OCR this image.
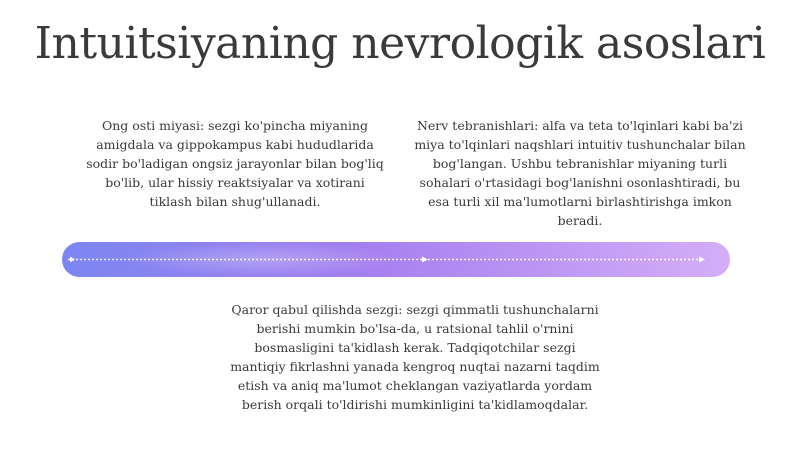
Intuitsiyaning nevrologik asoslari
Ong osti miyasi: sezgi ko'pincha miyaning amigdala va gippokampus kabi hududlarida sodir bo'ladigan ongsiz jarayonlar bilan bog'liq bo'lib, ular hissiy reaktsiyalar va xotirani tiklash bilan shug'ullanadi.
Nerv tebranishlari: alfa va teta to'lqinlari kabi ba'zi miya to'lqinlari naqshlari intuitiv tushunchalar bilan bog'langan. Ushbu tebranishlar miyaning turli sohalari o'rtasidagi bog'lanishni osonlashtiradi, bu esa turli xil ma'lumotlarni birlashtirishga imkon beradi.
Qaror qabul qilishda sezgi: sezgi qimmatli tushunchalarni berishi mumkin bo'lsa-da, u ratsional tahlil o'rnini bosmasligini ta'kidlash kerak. Tadqiqotchilar sezgi mantiqiy fikrlashni yanada kengroq nuqtai nazarni taqdim etish va aniq ma'lumot cheklangan vaziyatlarda yordam berish orqali to'ldirishi mumkinligini ta'kidlamoqdalar.
